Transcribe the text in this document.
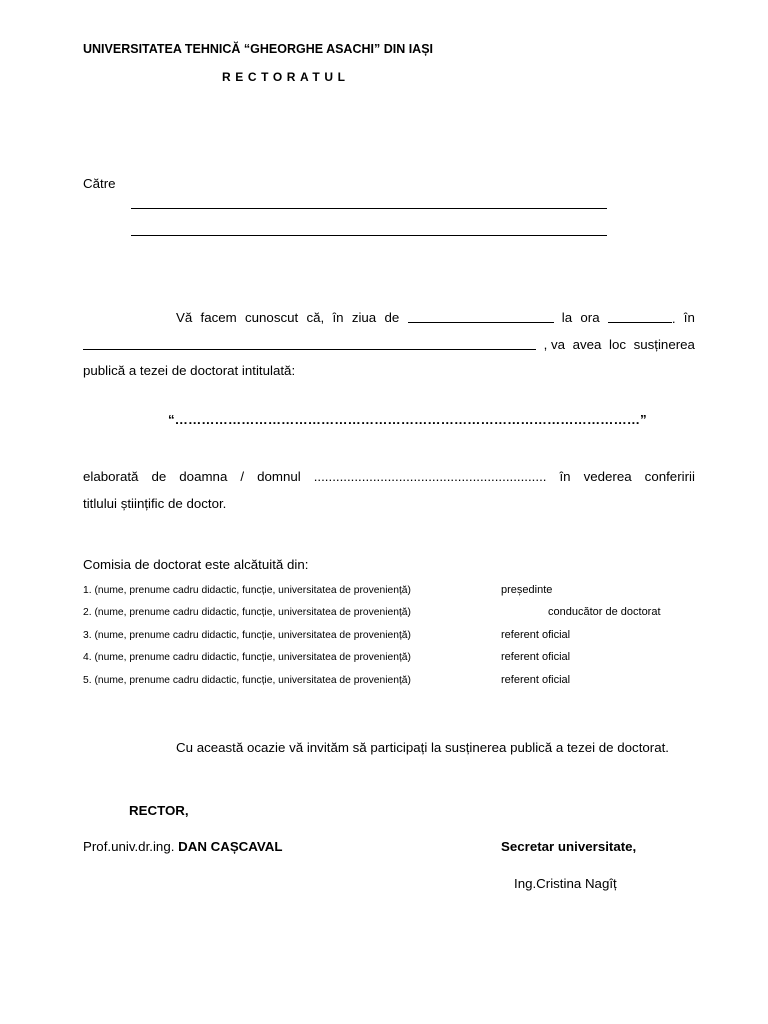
UNIVERSITATEA TEHNICĂ “GHEORGHE ASACHI” DIN IAȘI
RECTORATUL
Către
Vă facem cunoscut că, în ziua de	la ora	. în
, va avea loc susținerea
publică a tezei de doctorat intitulată:
“……………………………………………………………………………………………”
elaborată de doamna / domnul ............................................................... în vederea conferirii
titlului științific de doctor.
Comisia de doctorat este alcătuită din:
1. (nume, prenume cadru didactic, funcție, universitatea de proveniență)	președinte
2. (nume, prenume cadru didactic, funcție, universitatea de proveniență)	conducător de doctorat
3. (nume, prenume cadru didactic, funcție, universitatea de proveniență)	referent oficial
4. (nume, prenume cadru didactic, funcție, universitatea de proveniență)	referent oficial
5. (nume, prenume cadru didactic, funcție, universitatea de proveniență)	referent oficial
Cu această ocazie vă invităm să participați la susținerea publică a tezei de doctorat.
RECTOR,
Prof.univ.dr.ing. DAN CAȘCAVAL	Secretar universitate,
Ing.Cristina Nagîț
